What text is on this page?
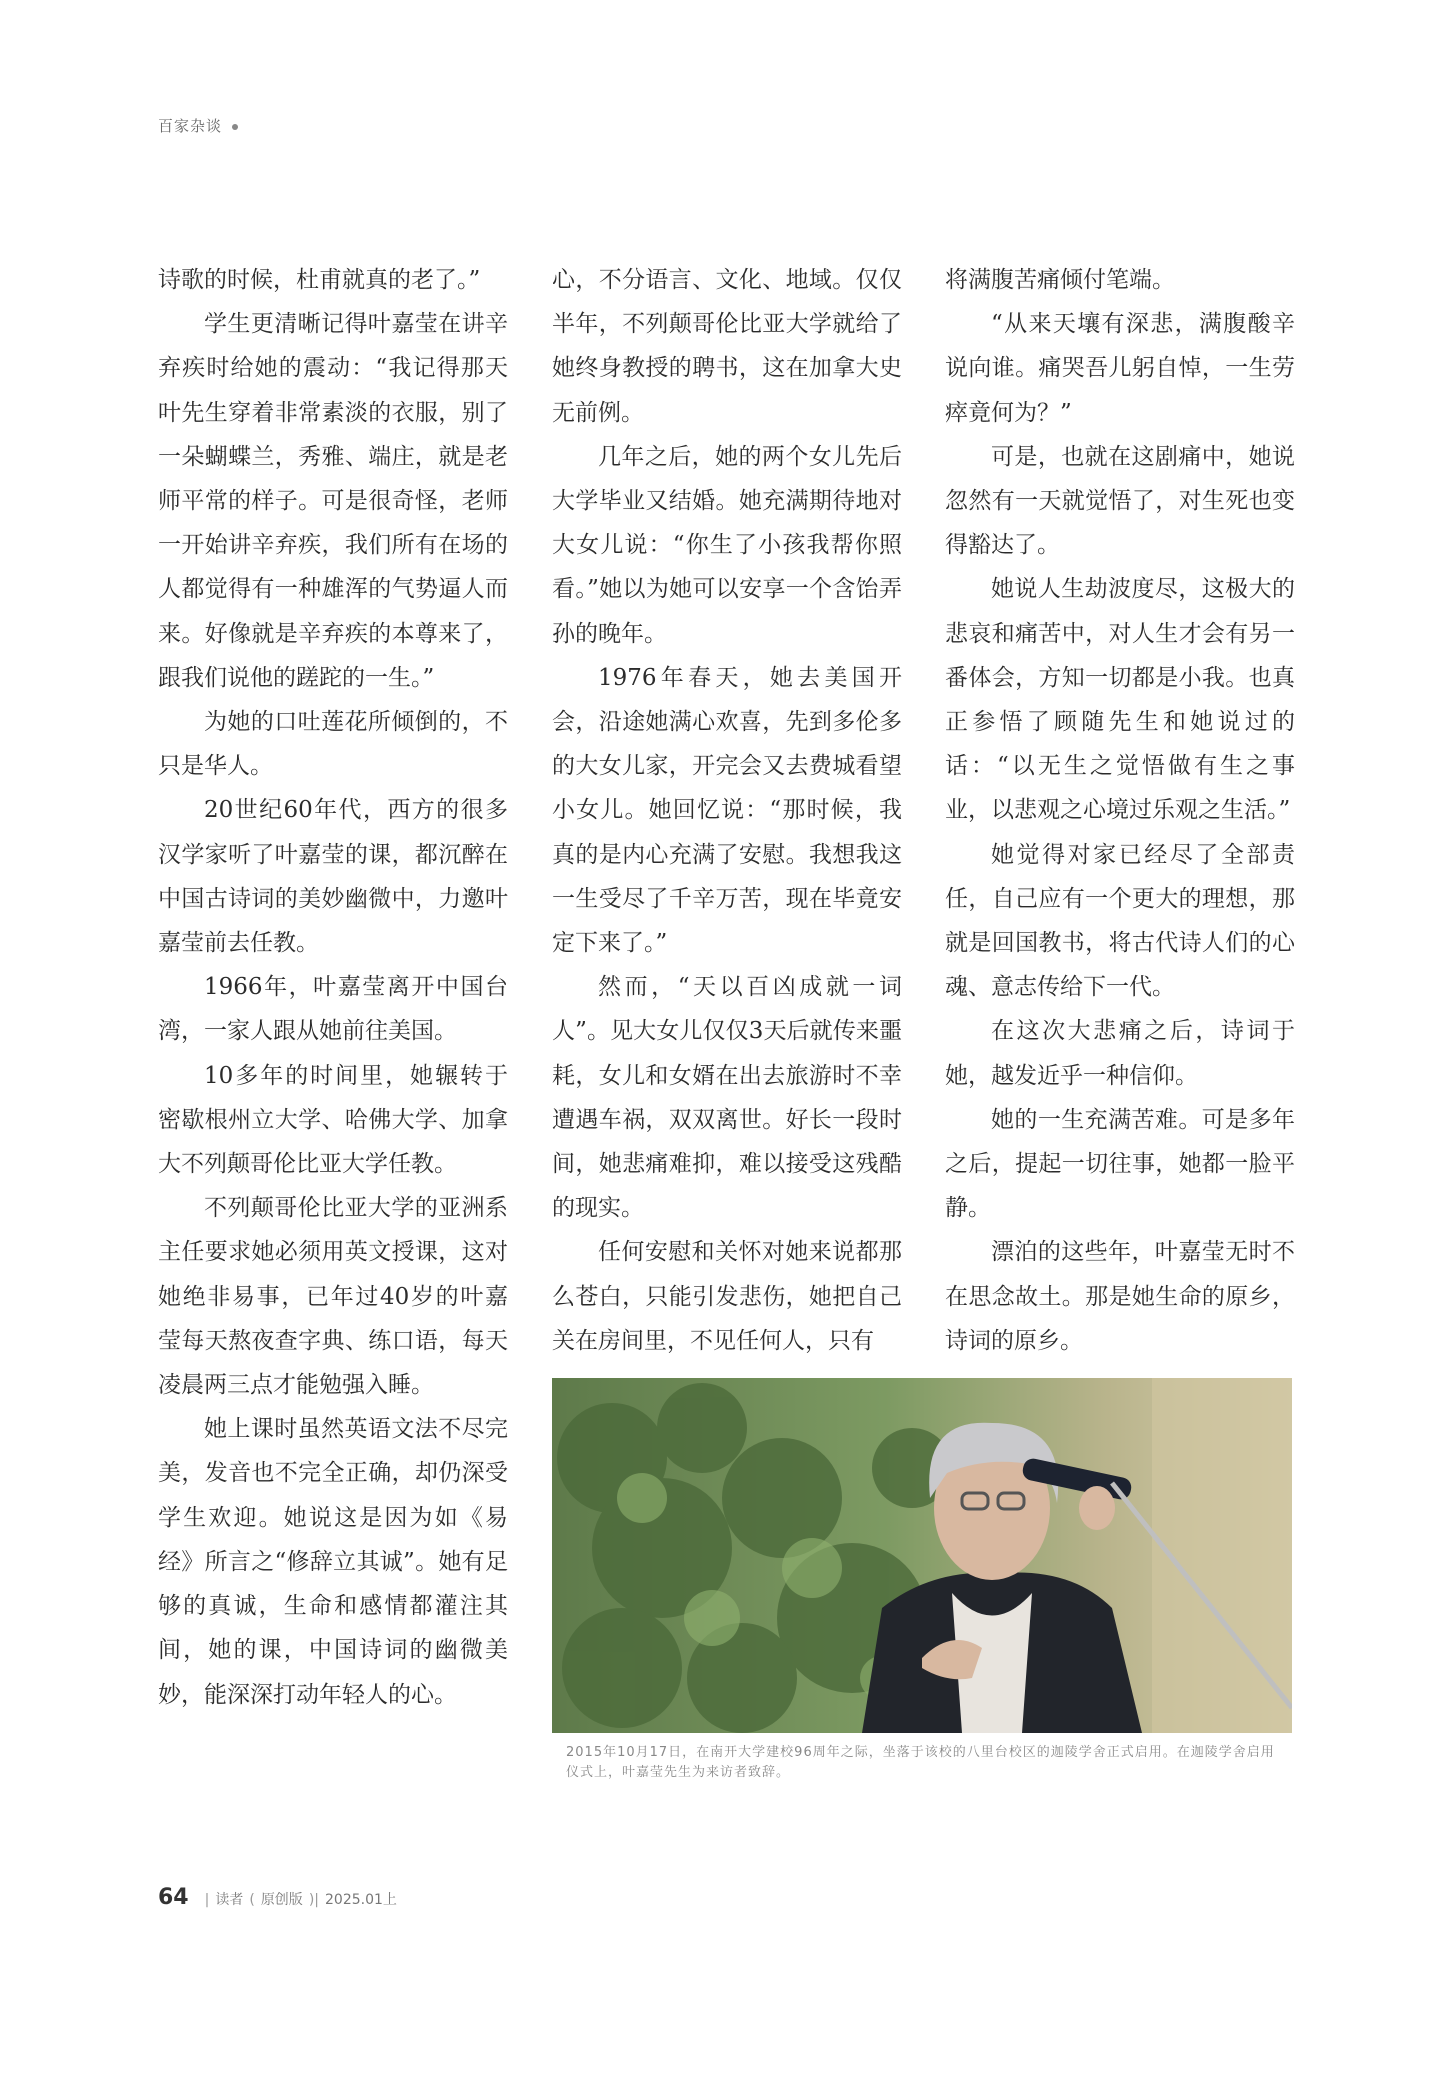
百家杂谈

诗歌的时候，杜甫就真的老了。”

学生更清晰记得叶嘉莹在讲辛弃疾时给她的震动：“我记得那天叶先生穿着非常素淡的衣服，别了一朵蝴蝶兰，秀雅、端庄，就是老师平常的样子。可是很奇怪，老师一开始讲辛弃疾，我们所有在场的人都觉得有一种雄浑的气势逼人而来。好像就是辛弃疾的本尊来了，跟我们说他的蹉跎的一生。”

为她的口吐莲花所倾倒的，不只是华人。

20世纪60年代，西方的很多汉学家听了叶嘉莹的课，都沉醉在中国古诗词的美妙幽微中，力邀叶嘉莹前去任教。

1966年，叶嘉莹离开中国台湾，一家人跟从她前往美国。

10多年的时间里，她辗转于密歇根州立大学、哈佛大学、加拿大不列颠哥伦比亚大学任教。

不列颠哥伦比亚大学的亚洲系主任要求她必须用英文授课，这对她绝非易事，已年过40岁的叶嘉莹每天熬夜查字典、练口语，每天凌晨两三点才能勉强入睡。

她上课时虽然英语文法不尽完美，发音也不完全正确，却仍深受学生欢迎。她说这是因为如《易经》所言之“修辞立其诚”。她有足够的真诚，生命和感情都灌注其间，她的课，中国诗词的幽微美妙，能深深打动年轻人的心。

心，不分语言、文化、地域。仅仅半年，不列颠哥伦比亚大学就给了她终身教授的聘书，这在加拿大史无前例。

几年之后，她的两个女儿先后大学毕业又结婚。她充满期待地对大女儿说：“你生了小孩我帮你照看。”她以为她可以安享一个含饴弄孙的晚年。

1976年春天，她去美国开会，沿途她满心欢喜，先到多伦多的大女儿家，开完会又去费城看望小女儿。她回忆说：“那时候，我真的是内心充满了安慰。我想我这一生受尽了千辛万苦，现在毕竟安定下来了。”

然而，“天以百凶成就一词人”。见大女儿仅仅3天后就传来噩耗，女儿和女婿在出去旅游时不幸遭遇车祸，双双离世。好长一段时间，她悲痛难抑，难以接受这残酷的现实。

任何安慰和关怀对她来说都那么苍白，只能引发悲伤，她把自己关在房间里，不见任何人，只有

将满腹苦痛倾付笔端。

“从来天壤有深悲，满腹酸辛说向谁。痛哭吾儿躬自悼，一生劳瘁竟何为？”

可是，也就在这剧痛中，她说忽然有一天就觉悟了，对生死也变得豁达了。

她说人生劫波度尽，这极大的悲哀和痛苦中，对人生才会有另一番体会，方知一切都是小我。也真正参悟了顾随先生和她说过的话：“以无生之觉悟做有生之事业，以悲观之心境过乐观之生活。”

她觉得对家已经尽了全部责任，自己应有一个更大的理想，那就是回国教书，将古代诗人们的心魂、意志传给下一代。

在这次大悲痛之后，诗词于她，越发近乎一种信仰。

她的一生充满苦难。可是多年之后，提起一切往事，她都一脸平静。

漂泊的这些年，叶嘉莹无时不在思念故土。那是她生命的原乡，诗词的原乡。

2015年10月17日，在南开大学建校96周年之际，坐落于该校的八里台校区的迦陵学舍正式启用。在迦陵学舍启用仪式上，叶嘉莹先生为来访者致辞。
64 | 读者 ( 原创版 )| 2025.01上
